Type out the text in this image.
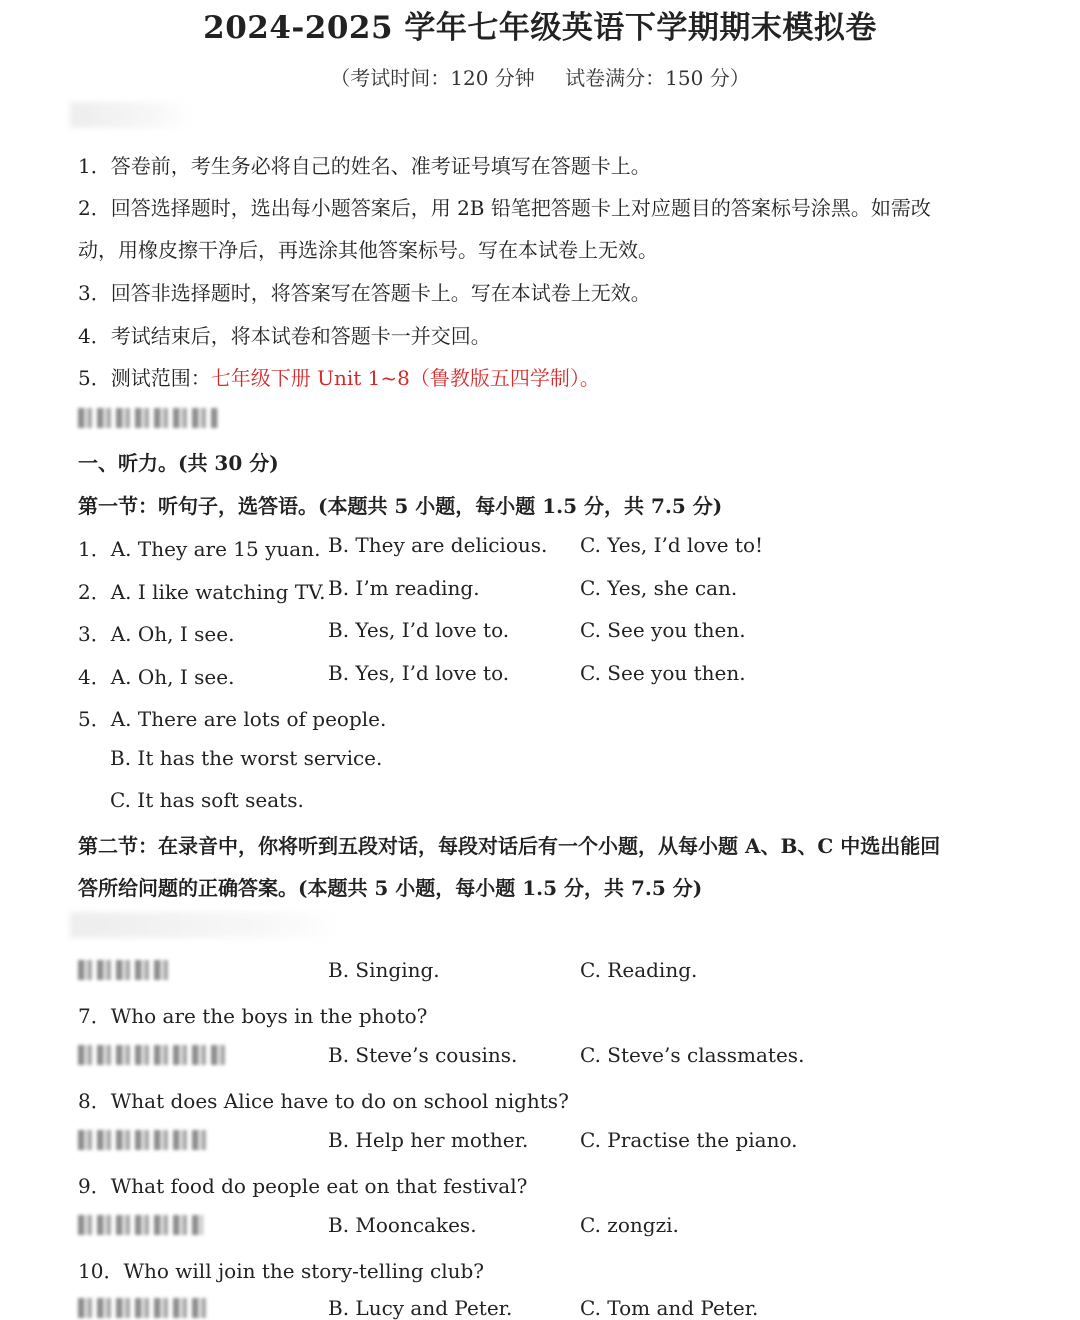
2024-2025 学年七年级英语下学期期末模拟卷
（考试时间：120 分钟 试卷满分：150 分）
1．答卷前，考生务必将自己的姓名、准考证号填写在答题卡上。
2．回答选择题时，选出每小题答案后，用 2B 铅笔把答题卡上对应题目的答案标号涂黑。如需改
动，用橡皮擦干净后，再选涂其他答案标号。写在本试卷上无效。
3．回答非选择题时，将答案写在答题卡上。写在本试卷上无效。
4．考试结束后，将本试卷和答题卡一并交回。
5．测试范围：七年级下册 Unit 1~8（鲁教版五四学制）。
一、听力。(共 30 分)
第一节：听句子，选答语。(本题共 5 小题，每小题 1.5 分，共 7.5 分)
1．A. They are 15 yuan. B. They are delicious. C. Yes, I’d love to!
2．A. I like watching TV. B. I’m reading.	C. Yes, she can.
3．A. Oh, I see.	B. Yes, I’d love to.	C. See you then.
4．A. Oh, I see.	B. Yes, I’d love to.	C. See you then.
5．A. There are lots of people.
B. It has the worst service.
C. It has soft seats.
第二节：在录音中，你将听到五段对话，每段对话后有一个小题，从每小题 A、B、C 中选出能回
答所给问题的正确答案。(本题共 5 小题，每小题 1.5 分，共 7.5 分)
B. Singing.	C. Reading.
7．Who are the boys in the photo?
B. Steve’s cousins.	C. Steve’s classmates.
8．What does Alice have to do on school nights?
B. Help her mother.	C. Practise the piano.
9．What food do people eat on that festival?
B. Mooncakes.	C. zongzi.
10．Who will join the story-telling club?
B. Lucy and Peter.	C. Tom and Peter.
